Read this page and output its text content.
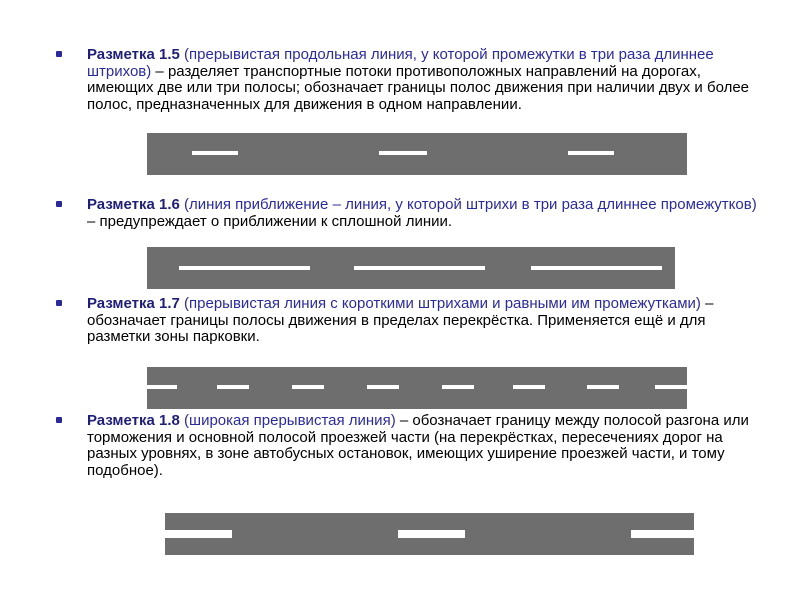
Разметка 1.5 (прерывистая продольная линия, у которой промежутки в три раза длиннее штрихов) – разделяет транспортные потоки противоположных направлений на дорогах, имеющих две или три полосы; обозначает границы полос движения при наличии двух и более полос, предназначенных для движения в одном направлении.
Разметка 1.6 (линия приближение – линия, у которой штрихи в три раза длиннее промежутков) – предупреждает о приближении к сплошной линии.
Разметка 1.7 (прерывистая линия с короткими штрихами и равными им промежутками) – обозначает границы полосы движения в пределах перекрёстка. Применяется ещё и для разметки зоны парковки.
Разметка 1.8 (широкая прерывистая линия) – обозначает границу между полосой разгона или торможения и основной полосой проезжей части (на перекрёстках, пересечениях дорог на разных уровнях, в зоне автобусных остановок, имеющих уширение проезжей части, и тому подобное).
